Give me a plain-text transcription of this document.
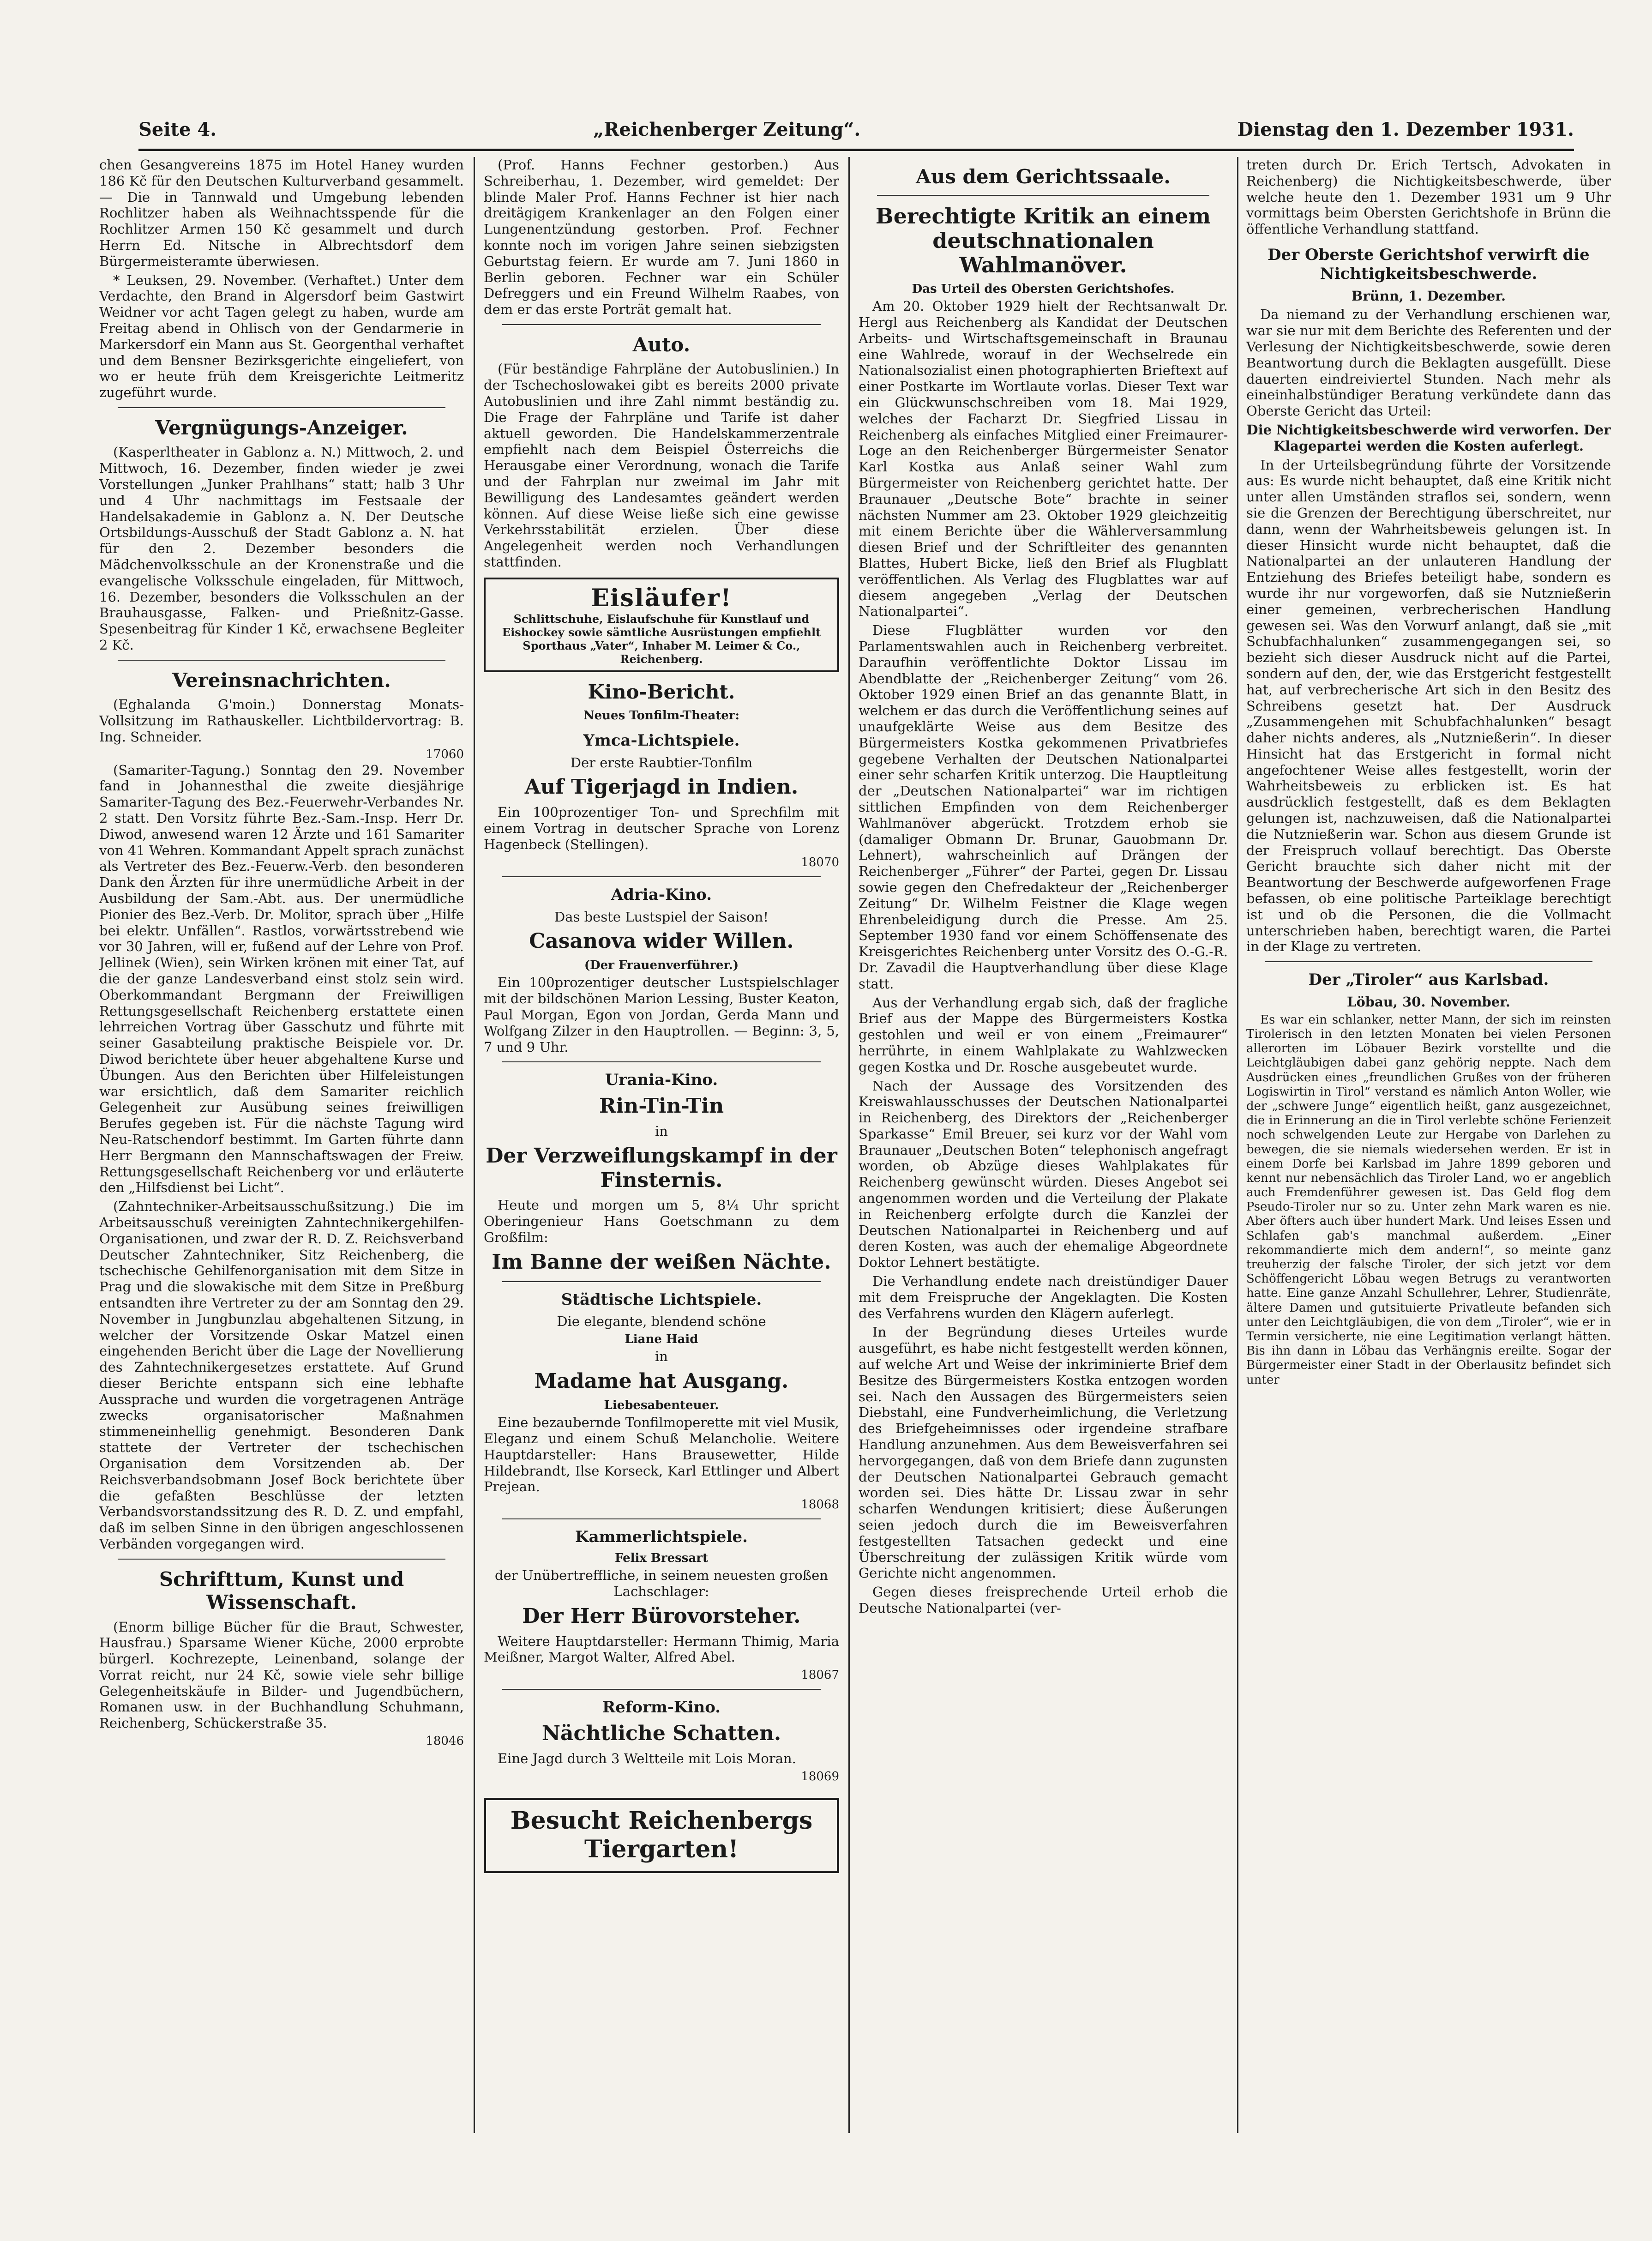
Seite 4.	„Reichenberger Zeitung“.	Dienstag den 1. Dezember 1931.

chen Gesangvereins 1875 im Hotel Haney wurden 186 Kč für den Deutschen Kulturverband gesammelt. — Die in Tannwald und Umgebung lebenden Rochlitzer haben als Weihnachtsspende für die Rochlitzer Armen 150 Kč gesammelt und durch Herrn Ed. Nitsche in Albrechtsdorf dem Bürgermeisteramte überwiesen.

* Leuksen, 29. November. (Verhaftet.) Unter dem Verdachte, den Brand in Algersdorf beim Gastwirt Weidner vor acht Tagen gelegt zu haben, wurde am Freitag abend in Ohlisch von der Gendarmerie in Markersdorf ein Mann aus St. Georgenthal verhaftet und dem Bensner Bezirksgerichte eingeliefert, von wo er heute früh dem Kreisgerichte Leitmeritz zugeführt wurde.

Vergnügungs-Anzeiger.

(Kasperltheater in Gablonz a. N.) Mittwoch, 2. und Mittwoch, 16. Dezember, finden wieder je zwei Vorstellungen „Junker Prahlhans“ statt; halb 3 Uhr und 4 Uhr nachmittags im Festsaale der Handelsakademie in Gablonz a. N. Der Deutsche Ortsbildungs-Ausschuß der Stadt Gablonz a. N. hat für den 2. Dezember besonders die Mädchenvolksschule an der Kronenstraße und die evangelische Volksschule eingeladen, für Mittwoch, 16. Dezember, besonders die Volksschulen an der Brauhausgasse, Falken- und Prießnitz-Gasse. Spesenbeitrag für Kinder 1 Kč, erwachsene Begleiter 2 Kč.

Vereinsnachrichten.

(Eghalanda G'moin.) Donnerstag Monats-Vollsitzung im Rathauskeller. Lichtbildervortrag: B. Ing. Schneider.

17060

(Samariter-Tagung.) Sonntag den 29. November fand in Johannesthal die zweite diesjährige Samariter-Tagung des Bez.-Feuerwehr-Verbandes Nr. 2 statt. Den Vorsitz führte Bez.-Sam.-Insp. Herr Dr. Diwod, anwesend waren 12 Ärzte und 161 Samariter von 41 Wehren. Kommandant Appelt sprach zunächst als Vertreter des Bez.-Feuerw.-Verb. den besonderen Dank den Ärzten für ihre unermüdliche Arbeit in der Ausbildung der Sam.-Abt. aus. Der unermüdliche Pionier des Bez.-Verb. Dr. Molitor, sprach über „Hilfe bei elektr. Unfällen“. Rastlos, vorwärtsstrebend wie vor 30 Jahren, will er, fußend auf der Lehre von Prof. Jellinek (Wien), sein Wirken krönen mit einer Tat, auf die der ganze Landesverband einst stolz sein wird. Oberkommandant Bergmann der Freiwilligen Rettungsgesellschaft Reichenberg erstattete einen lehrreichen Vortrag über Gasschutz und führte mit seiner Gasabteilung praktische Beispiele vor. Dr. Diwod berichtete über heuer abgehaltene Kurse und Übungen. Aus den Berichten über Hilfeleistungen war ersichtlich, daß dem Samariter reichlich Gelegenheit zur Ausübung seines freiwilligen Berufes gegeben ist. Für die nächste Tagung wird Neu-Ratschendorf bestimmt. Im Garten führte dann Herr Bergmann den Mannschaftswagen der Freiw. Rettungsgesellschaft Reichenberg vor und erläuterte den „Hilfsdienst bei Licht“.

(Zahntechniker-Arbeitsausschußsitzung.) Die im Arbeitsausschuß vereinigten Zahntechnikergehilfen-Organisationen, und zwar der R. D. Z. Reichsverband Deutscher Zahntechniker, Sitz Reichenberg, die tschechische Gehilfenorganisation mit dem Sitze in Prag und die slowakische mit dem Sitze in Preßburg entsandten ihre Vertreter zu der am Sonntag den 29. November in Jungbunzlau abgehaltenen Sitzung, in welcher der Vorsitzende Oskar Matzel einen eingehenden Bericht über die Lage der Novellierung des Zahntechnikergesetzes erstattete. Auf Grund dieser Berichte entspann sich eine lebhafte Aussprache und wurden die vorgetragenen Anträge zwecks organisatorischer Maßnahmen stimmeneinhellig genehmigt. Besonderen Dank stattete der Vertreter der tschechischen Organisation dem Vorsitzenden ab. Der Reichsverbandsobmann Josef Bock berichtete über die gefaßten Beschlüsse der letzten Verbandsvorstandssitzung des R. D. Z. und empfahl, daß im selben Sinne in den übrigen angeschlossenen Verbänden vorgegangen wird.

Schrifttum, Kunst und Wissenschaft.

(Enorm billige Bücher für die Braut, Schwester, Hausfrau.) Sparsame Wiener Küche, 2000 erprobte bürgerl. Kochrezepte, Leinenband, solange der Vorrat reicht, nur 24 Kč, sowie viele sehr billige Gelegenheitskäufe in Bilder- und Jugendbüchern, Romanen usw. in der Buchhandlung Schuhmann, Reichenberg, Schückerstraße 35.

18046

(Prof. Hanns Fechner gestorben.) Aus Schreiberhau, 1. Dezember, wird gemeldet: Der blinde Maler Prof. Hanns Fechner ist hier nach dreitägigem Krankenlager an den Folgen einer Lungenentzündung gestorben. Prof. Fechner konnte noch im vorigen Jahre seinen siebzigsten Geburtstag feiern. Er wurde am 7. Juni 1860 in Berlin geboren. Fechner war ein Schüler Defreggers und ein Freund Wilhelm Raabes, von dem er das erste Porträt gemalt hat.

Auto.

(Für beständige Fahrpläne der Autobuslinien.) In der Tschechoslowakei gibt es bereits 2000 private Autobuslinien und ihre Zahl nimmt beständig zu. Die Frage der Fahrpläne und Tarife ist daher aktuell geworden. Die Handelskammerzentrale empfiehlt nach dem Beispiel Österreichs die Herausgabe einer Verordnung, wonach die Tarife und der Fahrplan nur zweimal im Jahr mit Bewilligung des Landesamtes geändert werden können. Auf diese Weise ließe sich eine gewisse Verkehrsstabilität erzielen. Über diese Angelegenheit werden noch Verhandlungen stattfinden.

Eisläufer!
Schlittschuhe, Eislaufschuhe für Kunstlauf und Eishockey sowie sämtliche Ausrüstungen empfiehlt
Sporthaus „Vater“, Inhaber M. Leimer & Co., Reichenberg.
Kino-Bericht.
Neues Tonfilm-Theater:
Ymca-Lichtspiele.

Der erste Raubtier-Tonfilm

Auf Tigerjagd in Indien.

Ein 100prozentiger Ton- und Sprechfilm mit einem Vortrag in deutscher Sprache von Lorenz Hagenbeck (Stellingen).

18070
Adria-Kino.

Das beste Lustspiel der Saison!

Casanova wider Willen.
(Der Frauenverführer.)

Ein 100prozentiger deutscher Lustspielschlager mit der bildschönen Marion Lessing, Buster Keaton, Paul Morgan, Egon von Jordan, Gerda Mann und Wolfgang Zilzer in den Hauptrollen. — Beginn: 3, 5, 7 und 9 Uhr.

Urania-Kino.
Rin-Tin-Tin

in

Der Verzweiflungskampf in der Finsternis.

Heute und morgen um 5, 8¼ Uhr spricht Oberingenieur Hans Goetschmann zu dem Großfilm:

Im Banne der weißen Nächte.
Städtische Lichtspiele.

Die elegante, blendend schöne

Liane Haid

in

Madame hat Ausgang.
Liebesabenteuer.

Eine bezaubernde Tonfilmoperette mit viel Musik, Eleganz und einem Schuß Melancholie. Weitere Hauptdarsteller: Hans Brausewetter, Hilde Hildebrandt, Ilse Korseck, Karl Ettlinger und Albert Prejean.

18068
Kammerlichtspiele.
Felix Bressart

der Unübertreffliche, in seinem neuesten großen Lachschlager:

Der Herr Bürovorsteher.

Weitere Hauptdarsteller: Hermann Thimig, Maria Meißner, Margot Walter, Alfred Abel.

18067
Reform-Kino.
Nächtliche Schatten.

Eine Jagd durch 3 Weltteile mit Lois Moran.

18069
Besucht Reichenbergs Tiergarten!
Aus dem Gerichtssaale.
Berechtigte Kritik an einem deutschnationalen Wahlmanöver.
Das Urteil des Obersten Gerichtshofes.

Am 20. Oktober 1929 hielt der Rechtsanwalt Dr. Hergl aus Reichenberg als Kandidat der Deutschen Arbeits- und Wirtschaftsgemeinschaft in Braunau eine Wahlrede, worauf in der Wechselrede ein Nationalsozialist einen photographierten Brieftext auf einer Postkarte im Wortlaute vorlas. Dieser Text war ein Glückwunschschreiben vom 18. Mai 1929, welches der Facharzt Dr. Siegfried Lissau in Reichenberg als einfaches Mitglied einer Freimaurer-Loge an den Reichenberger Bürgermeister Senator Karl Kostka aus Anlaß seiner Wahl zum Bürgermeister von Reichenberg gerichtet hatte. Der Braunauer „Deutsche Bote“ brachte in seiner nächsten Nummer am 23. Oktober 1929 gleichzeitig mit einem Berichte über die Wählerversammlung diesen Brief und der Schriftleiter des genannten Blattes, Hubert Bicke, ließ den Brief als Flugblatt veröffentlichen. Als Verlag des Flugblattes war auf diesem angegeben „Verlag der Deutschen Nationalpartei“.

Diese Flugblätter wurden vor den Parlamentswahlen auch in Reichenberg verbreitet. Daraufhin veröffentlichte Doktor Lissau im Abendblatte der „Reichenberger Zeitung“ vom 26. Oktober 1929 einen Brief an das genannte Blatt, in welchem er das durch die Veröffentlichung seines auf unaufgeklärte Weise aus dem Besitze des Bürgermeisters Kostka gekommenen Privatbriefes gegebene Verhalten der Deutschen Nationalpartei einer sehr scharfen Kritik unterzog. Die Hauptleitung der „Deutschen Nationalpartei“ war im richtigen sittlichen Empfinden von dem Reichenberger Wahlmanöver abgerückt. Trotzdem erhob sie (damaliger Obmann Dr. Brunar, Gauobmann Dr. Lehnert), wahrscheinlich auf Drängen der Reichenberger „Führer“ der Partei, gegen Dr. Lissau sowie gegen den Chefredakteur der „Reichenberger Zeitung“ Dr. Wilhelm Feistner die Klage wegen Ehrenbeleidigung durch die Presse. Am 25. September 1930 fand vor einem Schöffensenate des Kreisgerichtes Reichenberg unter Vorsitz des O.-G.-R. Dr. Zavadil die Hauptverhandlung über diese Klage statt.

Aus der Verhandlung ergab sich, daß der fragliche Brief aus der Mappe des Bürgermeisters Kostka gestohlen und weil er von einem „Freimaurer“ herrührte, in einem Wahlplakate zu Wahlzwecken gegen Kostka und Dr. Rosche ausgebeutet wurde.

Nach der Aussage des Vorsitzenden des Kreiswahlausschusses der Deutschen Nationalpartei in Reichenberg, des Direktors der „Reichenberger Sparkasse“ Emil Breuer, sei kurz vor der Wahl vom Braunauer „Deutschen Boten“ telephonisch angefragt worden, ob Abzüge dieses Wahlplakates für Reichenberg gewünscht würden. Dieses Angebot sei angenommen worden und die Verteilung der Plakate in Reichenberg erfolgte durch die Kanzlei der Deutschen Nationalpartei in Reichenberg und auf deren Kosten, was auch der ehemalige Abgeordnete Doktor Lehnert bestätigte.

Die Verhandlung endete nach dreistündiger Dauer mit dem Freispruche der Angeklagten. Die Kosten des Verfahrens wurden den Klägern auferlegt.

In der Begründung dieses Urteiles wurde ausgeführt, es habe nicht festgestellt werden können, auf welche Art und Weise der inkriminierte Brief dem Besitze des Bürgermeisters Kostka entzogen worden sei. Nach den Aussagen des Bürgermeisters seien Diebstahl, eine Fundverheimlichung, die Verletzung des Briefgeheimnisses oder irgendeine strafbare Handlung anzunehmen. Aus dem Beweisverfahren sei hervorgegangen, daß von dem Briefe dann zugunsten der Deutschen Nationalpartei Gebrauch gemacht worden sei. Dies hätte Dr. Lissau zwar in sehr scharfen Wendungen kritisiert; diese Äußerungen seien jedoch durch die im Beweisverfahren festgestellten Tatsachen gedeckt und eine Überschreitung der zulässigen Kritik würde vom Gerichte nicht angenommen.

Gegen dieses freisprechende Urteil erhob die Deutsche Nationalpartei (ver-

treten durch Dr. Erich Tertsch, Advokaten in Reichenberg) die Nichtigkeitsbeschwerde, über welche heute den 1. Dezember 1931 um 9 Uhr vormittags beim Obersten Gerichtshofe in Brünn die öffentliche Verhandlung stattfand.

Der Oberste Gerichtshof verwirft die Nichtigkeitsbeschwerde.

Brünn, 1. Dezember.

Da niemand zu der Verhandlung erschienen war, war sie nur mit dem Berichte des Referenten und der Verlesung der Nichtigkeitsbeschwerde, sowie deren Beantwortung durch die Beklagten ausgefüllt. Diese dauerten eindreiviertel Stunden. Nach mehr als eineinhalbstündiger Beratung verkündete dann das Oberste Gericht das Urteil:

Die Nichtigkeitsbeschwerde wird verworfen. Der Klagepartei werden die Kosten auferlegt.

In der Urteilsbegründung führte der Vorsitzende aus: Es wurde nicht behauptet, daß eine Kritik nicht unter allen Umständen straflos sei, sondern, wenn sie die Grenzen der Berechtigung überschreitet, nur dann, wenn der Wahrheitsbeweis gelungen ist. In dieser Hinsicht wurde nicht behauptet, daß die Nationalpartei an der unlauteren Handlung der Entziehung des Briefes beteiligt habe, sondern es wurde ihr nur vorgeworfen, daß sie Nutznießerin einer gemeinen, verbrecherischen Handlung gewesen sei. Was den Vorwurf anlangt, daß sie „mit Schubfachhalunken“ zusammengegangen sei, so bezieht sich dieser Ausdruck nicht auf die Partei, sondern auf den, der, wie das Erstgericht festgestellt hat, auf verbrecherische Art sich in den Besitz des Schreibens gesetzt hat. Der Ausdruck „Zusammengehen mit Schubfachhalunken“ besagt daher nichts anderes, als „Nutznießerin“. In dieser Hinsicht hat das Erstgericht in formal nicht angefochtener Weise alles festgestellt, worin der Wahrheitsbeweis zu erblicken ist. Es hat ausdrücklich festgestellt, daß es dem Beklagten gelungen ist, nachzuweisen, daß die Nationalpartei die Nutznießerin war. Schon aus diesem Grunde ist der Freispruch vollauf berechtigt. Das Oberste Gericht brauchte sich daher nicht mit der Beantwortung der Beschwerde aufgeworfenen Frage befassen, ob eine politische Parteiklage berechtigt ist und ob die Personen, die die Vollmacht unterschrieben haben, berechtigt waren, die Partei in der Klage zu vertreten.

Der „Tiroler“ aus Karlsbad.

Löbau, 30. November.

Es war ein schlanker, netter Mann, der sich im reinsten Tirolerisch in den letzten Monaten bei vielen Personen allerorten im Löbauer Bezirk vorstellte und die Leichtgläubigen dabei ganz gehörig neppte. Nach dem Ausdrücken eines „freundlichen Grußes von der früheren Logiswirtin in Tirol“ verstand es nämlich Anton Woller, wie der „schwere Junge“ eigentlich heißt, ganz ausgezeichnet, die in Erinnerung an die in Tirol verlebte schöne Ferienzeit noch schwelgenden Leute zur Hergabe von Darlehen zu bewegen, die sie niemals wiedersehen werden. Er ist in einem Dorfe bei Karlsbad im Jahre 1899 geboren und kennt nur nebensächlich das Tiroler Land, wo er angeblich auch Fremdenführer gewesen ist. Das Geld flog dem Pseudo-Tiroler nur so zu. Unter zehn Mark waren es nie. Aber öfters auch über hundert Mark. Und leises Essen und Schlafen gab's manchmal außerdem. „Einer rekommandierte mich dem andern!“, so meinte ganz treuherzig der falsche Tiroler, der sich jetzt vor dem Schöffengericht Löbau wegen Betrugs zu verantworten hatte. Eine ganze Anzahl Schullehrer, Lehrer, Studienräte, ältere Damen und gutsituierte Privatleute befanden sich unter den Leichtgläubigen, die von dem „Tiroler“, wie er in Termin versicherte, nie eine Legitimation verlangt hätten. Bis ihn dann in Löbau das Verhängnis ereilte. Sogar der Bürgermeister einer Stadt in der Oberlausitz befindet sich unter
